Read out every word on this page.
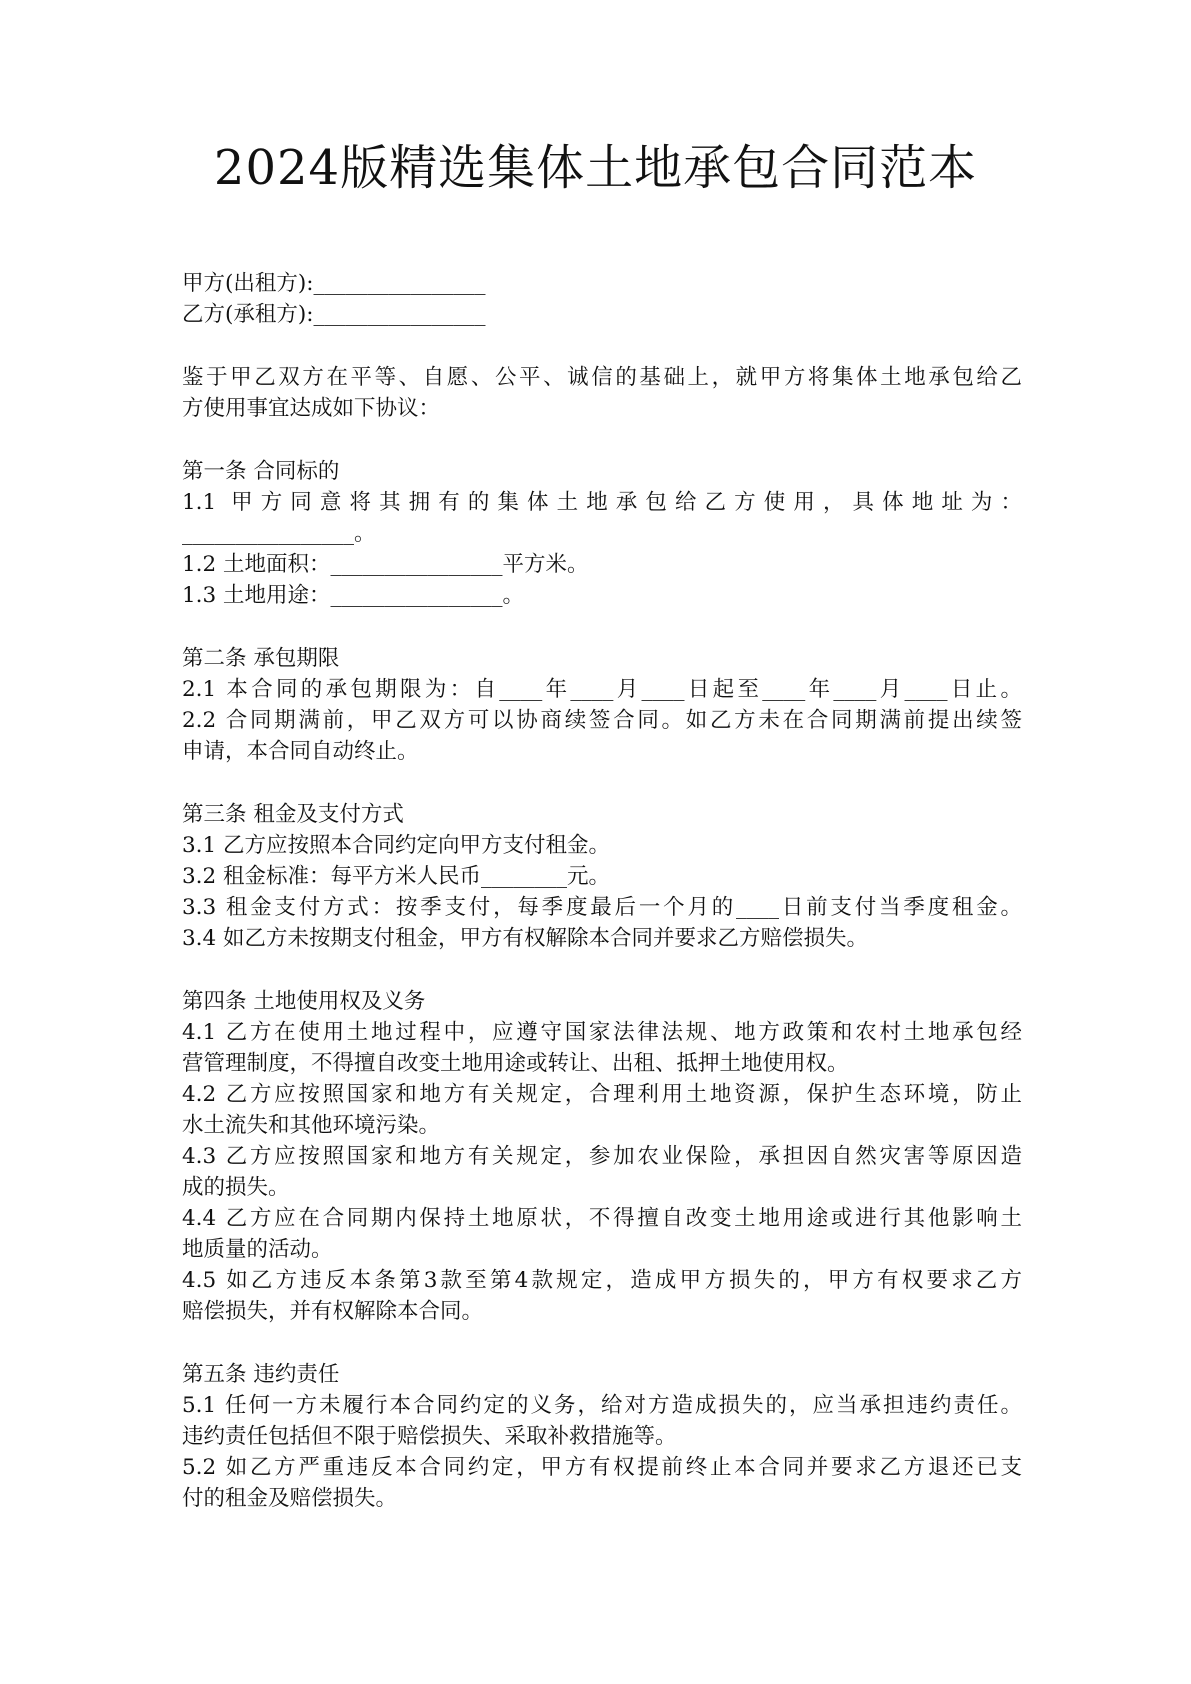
2024版精选集体土地承包合同范本
甲方(出租方):________________
乙方(承租方):________________
鉴于甲乙双方在平等、自愿、公平、诚信的基础上，就甲方将集体土地承包给乙
方使用事宜达成如下协议：
第一条 合同标的
1.1 甲方同意将其拥有的集体土地承包给乙方使用，具体地址为：
________________。
1.2 土地面积：________________平方米。
1.3 土地用途：________________。
第二条 承包期限
2.1 本合同的承包期限为：自____年____月____日起至____年____月____日止。
2.2 合同期满前，甲乙双方可以协商续签合同。如乙方未在合同期满前提出续签
申请，本合同自动终止。
第三条 租金及支付方式
3.1 乙方应按照本合同约定向甲方支付租金。
3.2 租金标准：每平方米人民币________元。
3.3 租金支付方式：按季支付，每季度最后一个月的____日前支付当季度租金。
3.4 如乙方未按期支付租金，甲方有权解除本合同并要求乙方赔偿损失。
第四条 土地使用权及义务
4.1 乙方在使用土地过程中，应遵守国家法律法规、地方政策和农村土地承包经
营管理制度，不得擅自改变土地用途或转让、出租、抵押土地使用权。
4.2 乙方应按照国家和地方有关规定，合理利用土地资源，保护生态环境，防止
水土流失和其他环境污染。
4.3 乙方应按照国家和地方有关规定，参加农业保险，承担因自然灾害等原因造
成的损失。
4.4 乙方应在合同期内保持土地原状，不得擅自改变土地用途或进行其他影响土
地质量的活动。
4.5 如乙方违反本条第3款至第4款规定，造成甲方损失的，甲方有权要求乙方
赔偿损失，并有权解除本合同。
第五条 违约责任
5.1 任何一方未履行本合同约定的义务，给对方造成损失的，应当承担违约责任。
违约责任包括但不限于赔偿损失、采取补救措施等。
5.2 如乙方严重违反本合同约定，甲方有权提前终止本合同并要求乙方退还已支
付的租金及赔偿损失。
